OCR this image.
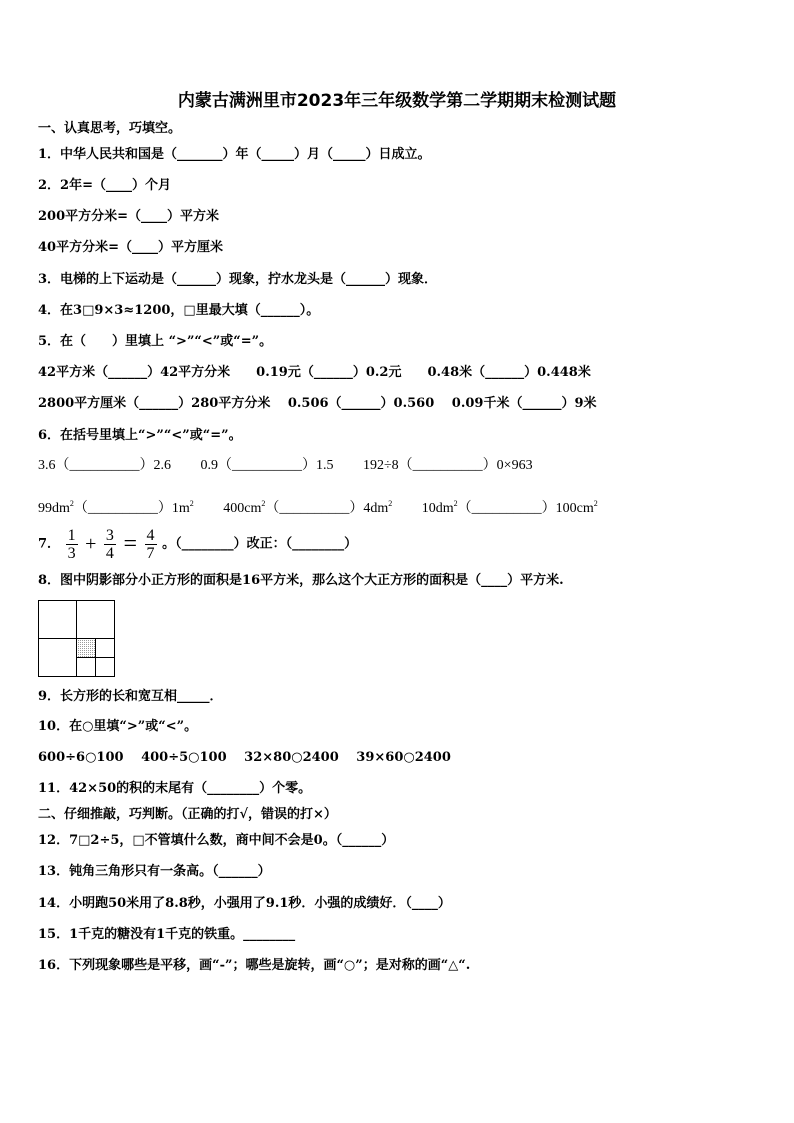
内蒙古满洲里市2023年三年级数学第二学期期末检测试题
一、认真思考，巧填空。
1．中华人民共和国是（_______）年（_____）月（_____）日成立。
2．2年=（____）个月
200平方分米=（____）平方米
40平方分米=（____）平方厘米
3．电梯的上下运动是（______）现象，拧水龙头是（______）现象．
4．在3□9×3≈1200，□里最大填（______）。
5．在（　　）里填上 “>”“<”或“=”。
42平方米（______）42平方分米　　0.19元（______）0.2元　　0.48米（______）0.448米
2800平方厘米（______）280平方分米　 0.506（______）0.560　 0.09千米（______）9米
6．在括号里填上“>”“<”或“=”。
3.6（__________）2.6 0.9（__________）1.5 192÷8（__________）0×963
$99dm^2(\_\_\_\_\_\_\_\_\_\_)1m^2$ $400cm^2(\_\_\_\_\_\_\_\_\_\_)4dm^2$ $10dm^2(\_\_\_\_\_\_\_\_\_\_)100cm^2$
7． $\frac{1}{3} + \frac{3}{4} = \frac{4}{7}$ 。（________）改正：（________）
8．图中阴影部分小正方形的面积是16平方米，那么这个大正方形的面积是（____）平方米.
9．长方形的长和宽互相_____．
10．在○里填“>”或“<”。
600÷6○100　 400÷5○100　 32×80○2400　 39×60○2400
11．42×50的积的末尾有（________）个零。
二、仔细推敲，巧判断。（正确的打√，错误的打×）
12．7□2÷5，□不管填什么数，商中间不会是0。（______）
13．钝角三角形只有一条高。（______）
14．小明跑50米用了8.8秒，小强用了9.1秒．小强的成绩好．（____）
15．1千克的糖没有1千克的铁重。________
16．下列现象哪些是平移，画“-”；哪些是旋转，画“○”；是对称的画“△“.
